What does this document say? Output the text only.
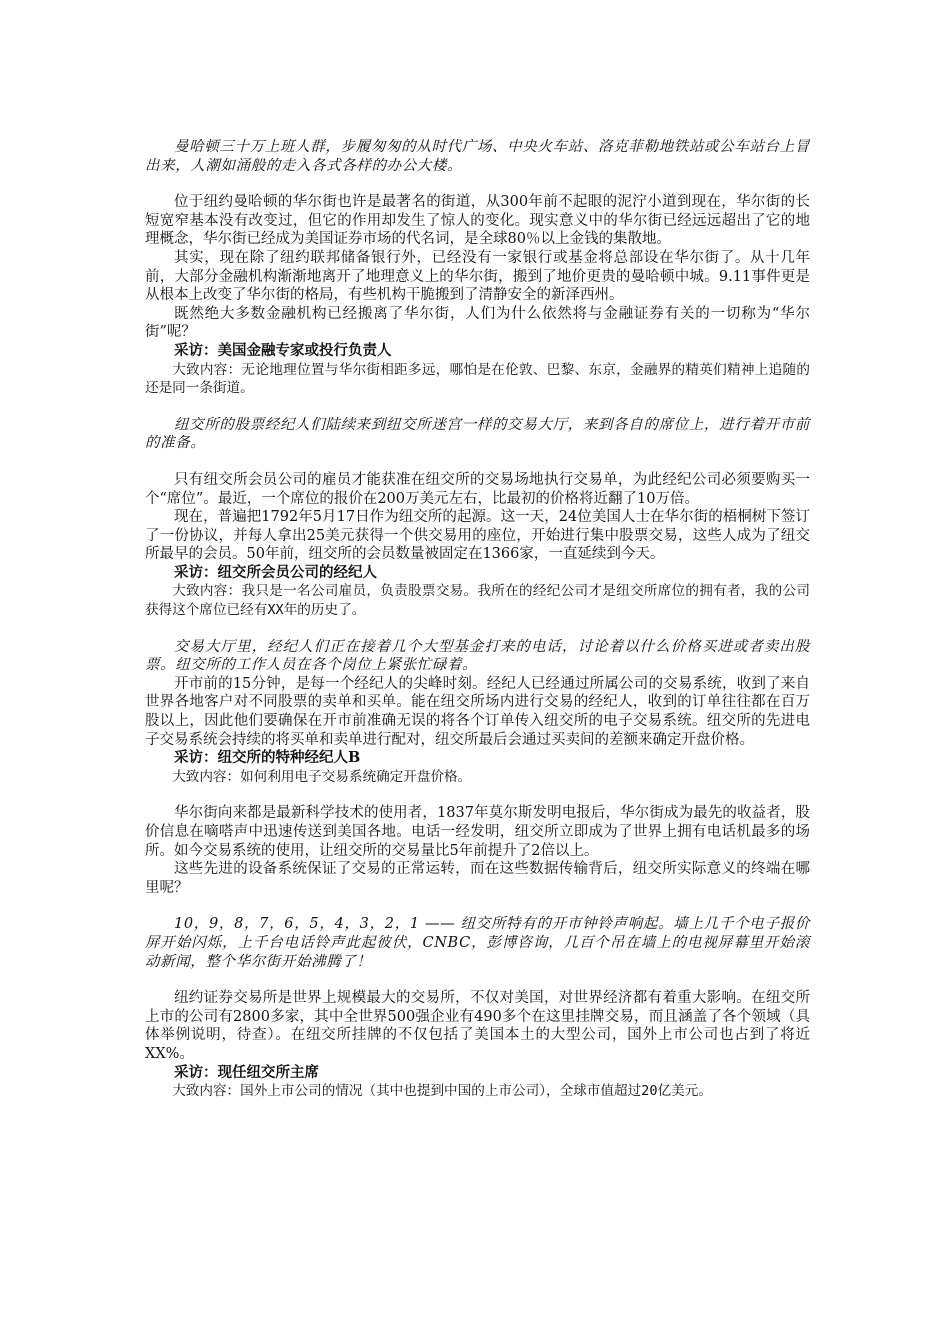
曼哈顿三十万上班人群，步履匆匆的从时代广场、中央火车站、洛克菲勒地铁站或公车站台上冒出来，人潮如涌般的走入各式各样的办公大楼。

位于纽约曼哈顿的华尔街也许是最著名的街道，从300年前不起眼的泥泞小道到现在，华尔街的长短宽窄基本没有改变过，但它的作用却发生了惊人的变化。现实意义中的华尔街已经远远超出了它的地理概念，华尔街已经成为美国证券市场的代名词，是全球80％以上金钱的集散地。

其实，现在除了纽约联邦储备银行外，已经没有一家银行或基金将总部设在华尔街了。从十几年前，大部分金融机构渐渐地离开了地理意义上的华尔街，搬到了地价更贵的曼哈顿中城。9.11事件更是从根本上改变了华尔街的格局，有些机构干脆搬到了清静安全的新泽西州。

既然绝大多数金融机构已经搬离了华尔街，人们为什么依然将与金融证券有关的一切称为“华尔街”呢？

采访：美国金融专家或投行负责人

大致内容：无论地理位置与华尔街相距多远，哪怕是在伦敦、巴黎、东京，金融界的精英们精神上追随的还是同一条街道。

纽交所的股票经纪人们陆续来到纽交所迷宫一样的交易大厅，来到各自的席位上，进行着开市前的准备。

只有纽交所会员公司的雇员才能获准在纽交所的交易场地执行交易单，为此经纪公司必须要购买一个“席位”。最近，一个席位的报价在200万美元左右，比最初的价格将近翻了10万倍。

现在，普遍把1792年5月17日作为纽交所的起源。这一天，24位美国人士在华尔街的梧桐树下签订了一份协议，并每人拿出25美元获得一个供交易用的座位，开始进行集中股票交易，这些人成为了纽交所最早的会员。50年前，纽交所的会员数量被固定在1366家，一直延续到今天。

采访：纽交所会员公司的经纪人

大致内容：我只是一名公司雇员，负责股票交易。我所在的经纪公司才是纽交所席位的拥有者，我的公司获得这个席位已经有XX年的历史了。

交易大厅里，经纪人们正在接着几个大型基金打来的电话，讨论着以什么价格买进或者卖出股票。纽交所的工作人员在各个岗位上紧张忙碌着。

开市前的15分钟，是每一个经纪人的尖峰时刻。经纪人已经通过所属公司的交易系统，收到了来自世界各地客户对不同股票的卖单和买单。能在纽交所场内进行交易的经纪人，收到的订单往往都在百万股以上，因此他们要确保在开市前准确无误的将各个订单传入纽交所的电子交易系统。纽交所的先进电子交易系统会持续的将买单和卖单进行配对，纽交所最后会通过买卖间的差额来确定开盘价格。

采访：纽交所的特种经纪人B

大致内容：如何利用电子交易系统确定开盘价格。

华尔街向来都是最新科学技术的使用者，1837年莫尔斯发明电报后，华尔街成为最先的收益者，股价信息在嘀嗒声中迅速传送到美国各地。电话一经发明，纽交所立即成为了世界上拥有电话机最多的场所。如今交易系统的使用，让纽交所的交易量比5年前提升了2倍以上。

这些先进的设备系统保证了交易的正常运转，而在这些数据传输背后，纽交所实际意义的终端在哪里呢？

10，9，8，7，6，5，4，3，2，1 —— 纽交所特有的开市钟铃声响起。墙上几千个电子报价屏开始闪烁，上千台电话铃声此起彼伏，CNBC，彭博咨询，几百个吊在墙上的电视屏幕里开始滚动新闻，整个华尔街开始沸腾了！

纽约证券交易所是世界上规模最大的交易所，不仅对美国，对世界经济都有着重大影响。在纽交所上市的公司有2800多家，其中全世界500强企业有490多个在这里挂牌交易，而且涵盖了各个领域（具体举例说明，待查）。在纽交所挂牌的不仅包括了美国本土的大型公司，国外上市公司也占到了将近XX%。

采访：现任纽交所主席

大致内容：国外上市公司的情况（其中也提到中国的上市公司），全球市值超过20亿美元。
